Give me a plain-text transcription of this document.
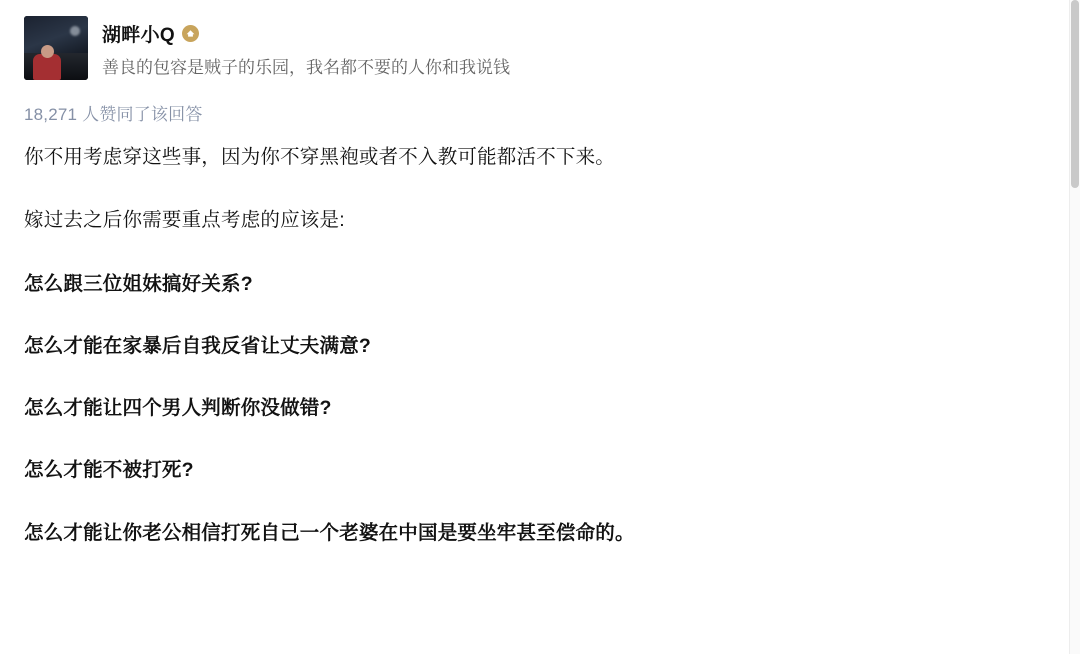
湖畔小Q
善良的包容是贼子的乐园，我名都不要的人你和我说钱
18,271 人赞同了该回答

你不用考虑穿这些事，因为你不穿黑袍或者不入教可能都活不下来。

嫁过去之后你需要重点考虑的应该是:

怎么跟三位姐妹搞好关系?

怎么才能在家暴后自我反省让丈夫满意?

怎么才能让四个男人判断你没做错?

怎么才能不被打死?

怎么才能让你老公相信打死自己一个老婆在中国是要坐牢甚至偿命的。
